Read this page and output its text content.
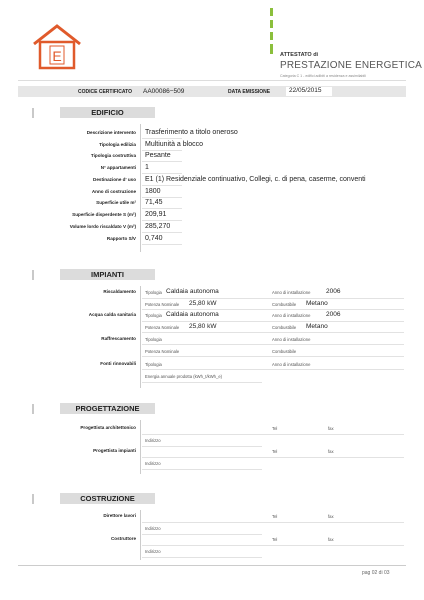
E	ATTESTATO di
PRESTAZIONE ENERGETICA
Categoria C 1 - edifici adibiti a residenza e assimilabili
CODICE CERTIFICATO AA00086−509	DATA EMISSIONE	22/05/2015
EDIFICIO
Descrizione intervento Trasferimento a titolo oneroso
Tipologia edilizia Multiunità a blocco
Tipologia costruttiva Pesante
N° appartamenti 1
Destinazione d' uso E1 (1) Residenziale continuativo, Collegi, c. di pena, caserme, conventi
Anno di costruzione 1800
Superficie utile m² 71,45
Superficie disperdente S (m²) 209,91
Volume lordo riscaldato V (m³) 285,270
Rapporto S/V 0,740
IMPIANTI
Riscaldamento Tipologia Caldaia autonoma	Anno di installazione 2006
Potenza Nominale 25,80 kW	Combustibile Metano
Acqua calda sanitaria Tipologia Caldaia autonoma	Anno di installazione 2006
Potenza Nominale 25,80 kW	Combustibile Metano
Raffrescamento Tipologia	Anno di installazione
Potenza Nominale	Combustibile
Fonti rinnovabili Tipologia	Anno di installazione
Energia annuale prodotta (kWh_t/kWh_e)
PROGETTAZIONE
Progettista architettonico	Tel	fax
Indirizzo
Progettista impianti	Tel	fax
Indirizzo
COSTRUZIONE
Direttore lavori	Tel	fax
Indirizzo
Costruttore	Tel	fax
Indirizzo
pag 02 di 03
